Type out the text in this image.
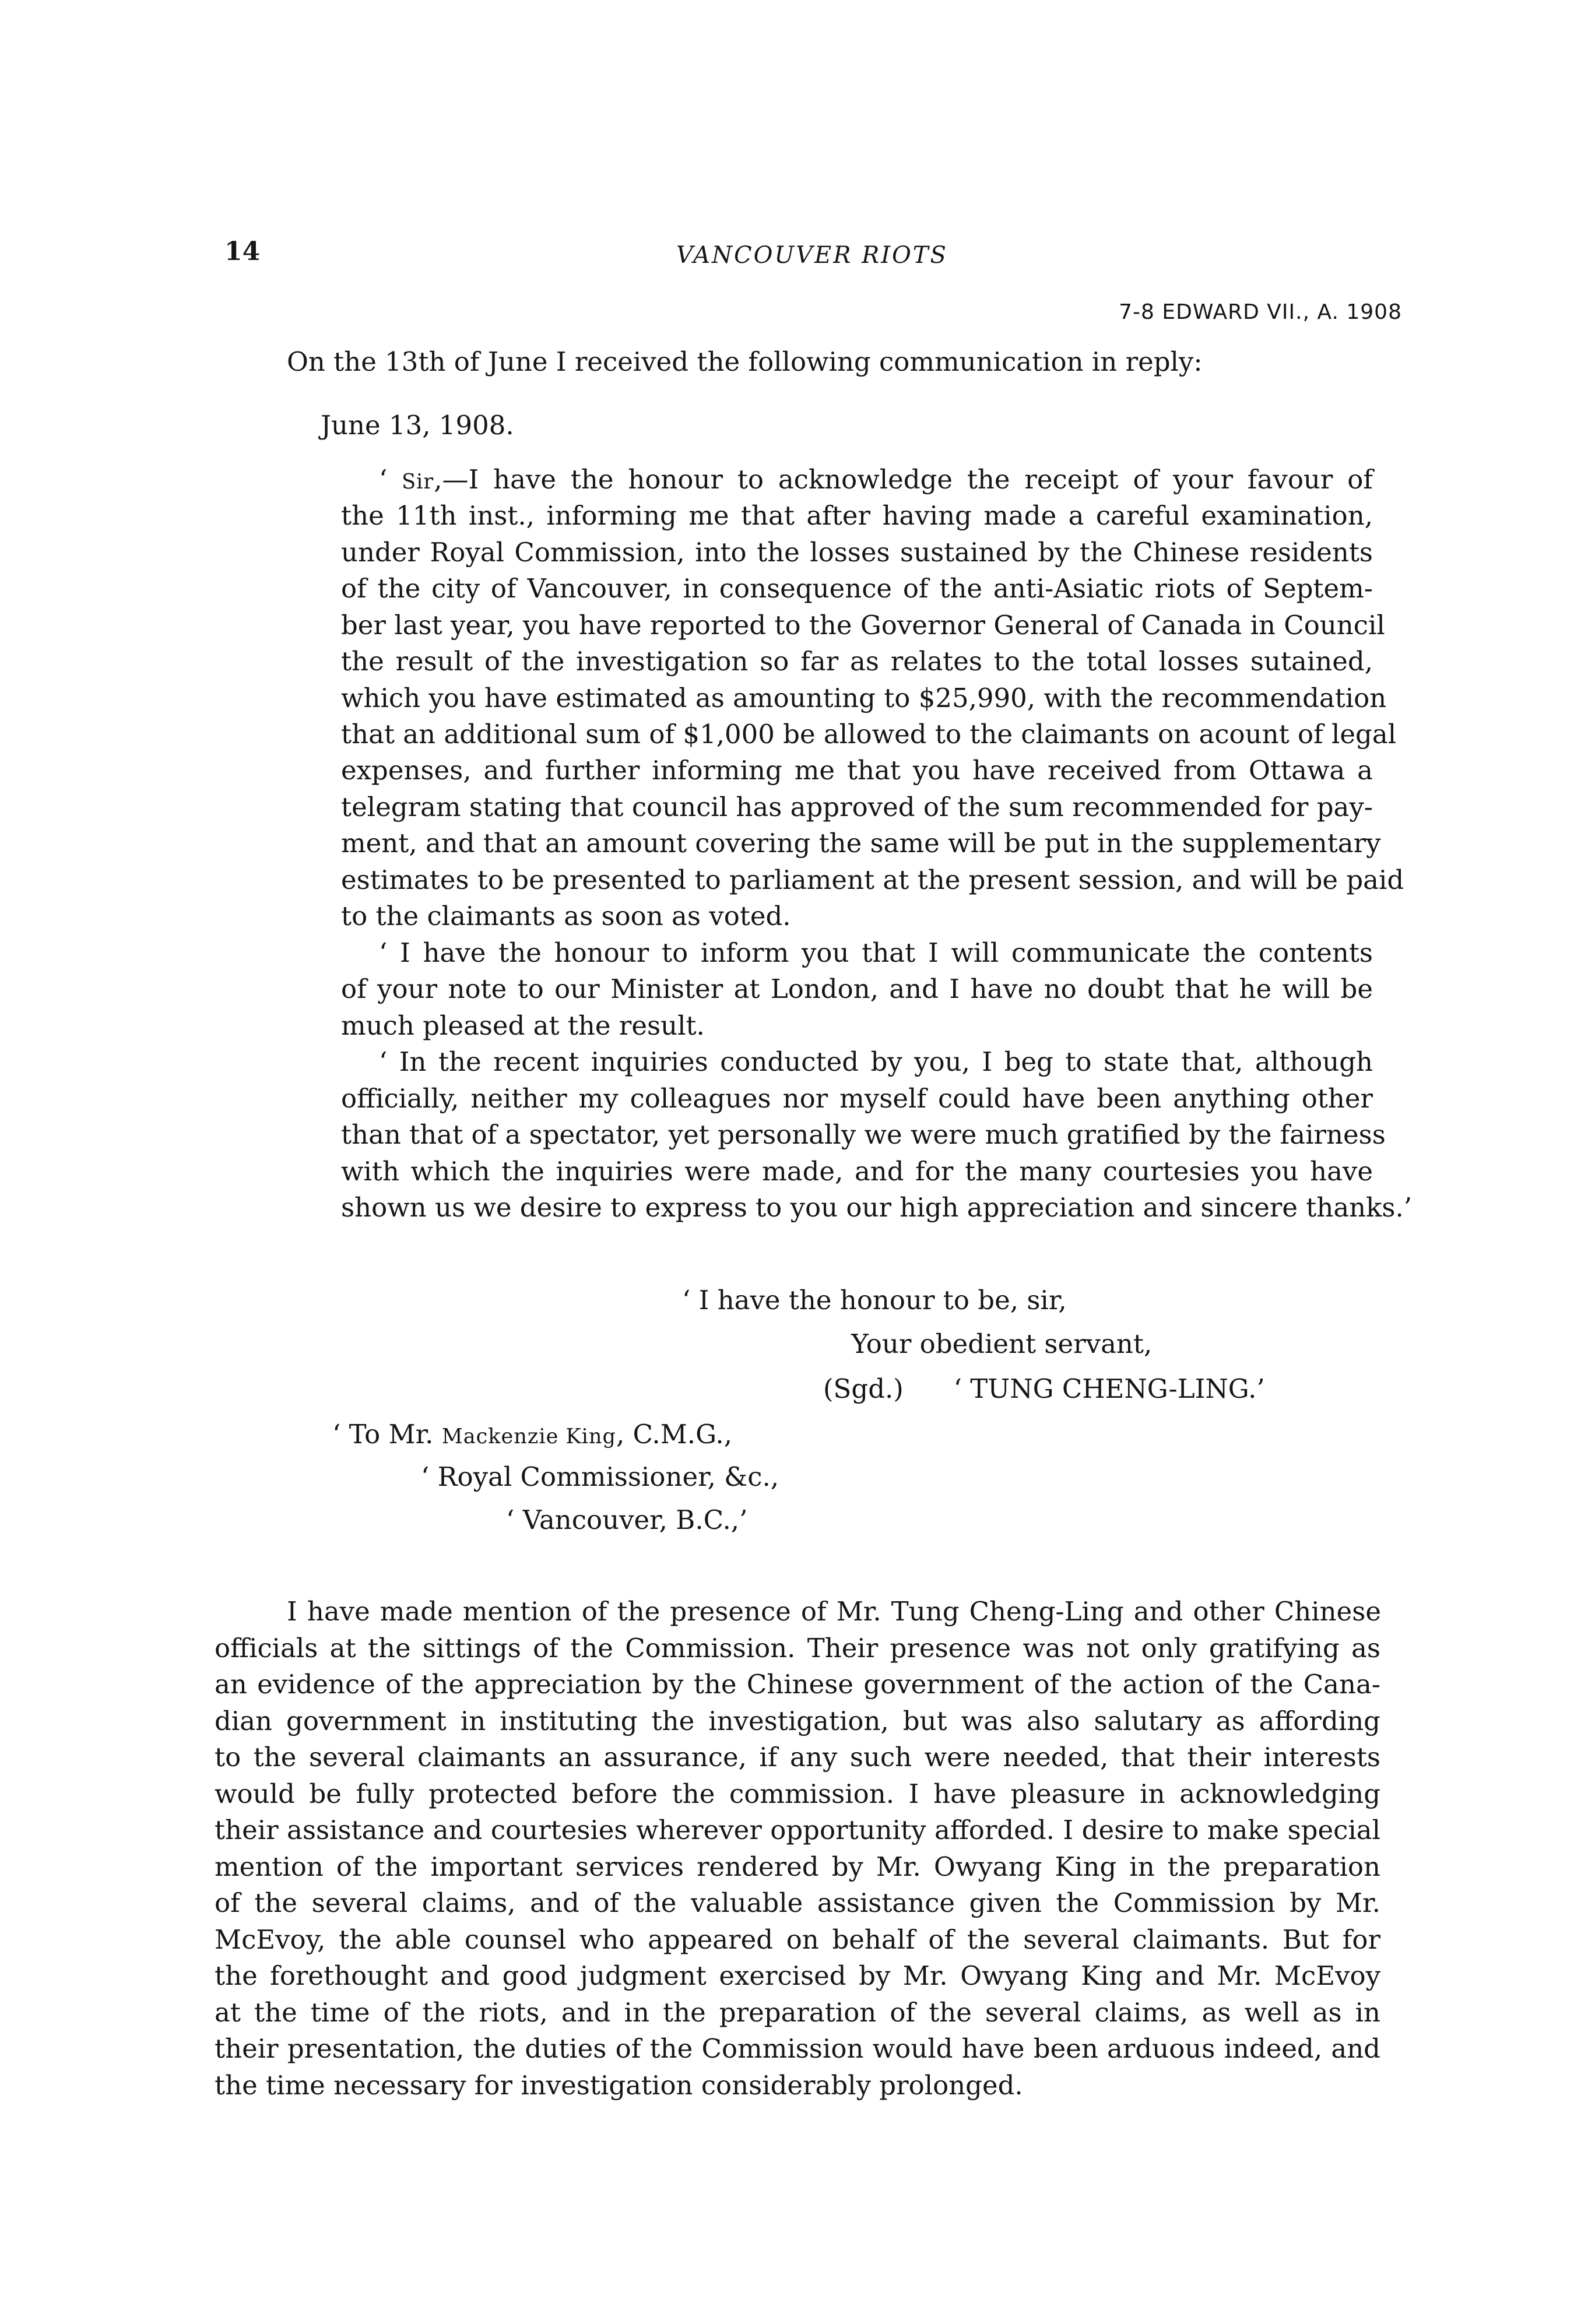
14	VANCOUVER RIOTS
7-8 EDWARD VII., A. 1908
On the 13th of June I received the following communication in reply:
June 13, 1908.
‘ Sir,—I have the honour to acknowledge the receipt of your favour of
the 11th inst., informing me that after having made a careful examination,
under Royal Commission, into the losses sustained by the Chinese residents
of the city of Vancouver, in consequence of the anti-Asiatic riots of Septem-
ber last year, you have reported to the Governor General of Canada in Council
the result of the investigation so far as relates to the total losses sutained,
which you have estimated as amounting to $25,990, with the recommendation
that an additional sum of $1,000 be allowed to the claimants on acount of legal
expenses, and further informing me that you have received from Ottawa a
telegram stating that council has approved of the sum recommended for pay-
ment, and that an amount covering the same will be put in the supplementary
estimates to be presented to parliament at the present session, and will be paid
to the claimants as soon as voted.
‘ I have the honour to inform you that I will communicate the contents
of your note to our Minister at London, and I have no doubt that he will be
much pleased at the result.
‘ In the recent inquiries conducted by you, I beg to state that, although
officially, neither my colleagues nor myself could have been anything other
than that of a spectator, yet personally we were much gratified by the fairness
with which the inquiries were made, and for the many courtesies you have
shown us we desire to express to you our high appreciation and sincere thanks.’
‘ I have the honour to be, sir,
Your obedient servant,
(Sgd.)      ‘ TUNG CHENG-LING.’
‘ To Mr. Mackenzie King, C.M.G.,
‘ Royal Commissioner, &c.,
‘ Vancouver, B.C.,’
I have made mention of the presence of Mr. Tung Cheng-Ling and other Chinese
officials at the sittings of the Commission. Their presence was not only gratifying as
an evidence of the appreciation by the Chinese government of the action of the Cana-
dian government in instituting the investigation, but was also salutary as affording
to the several claimants an assurance, if any such were needed, that their interests
would be fully protected before the commission. I have pleasure in acknowledging
their assistance and courtesies wherever opportunity afforded. I desire to make special
mention of the important services rendered by Mr. Owyang King in the preparation
of the several claims, and of the valuable assistance given the Commission by Mr.
McEvoy, the able counsel who appeared on behalf of the several claimants. But for
the forethought and good judgment exercised by Mr. Owyang King and Mr. McEvoy
at the time of the riots, and in the preparation of the several claims, as well as in
their presentation, the duties of the Commission would have been arduous indeed, and
the time necessary for investigation considerably prolonged.
